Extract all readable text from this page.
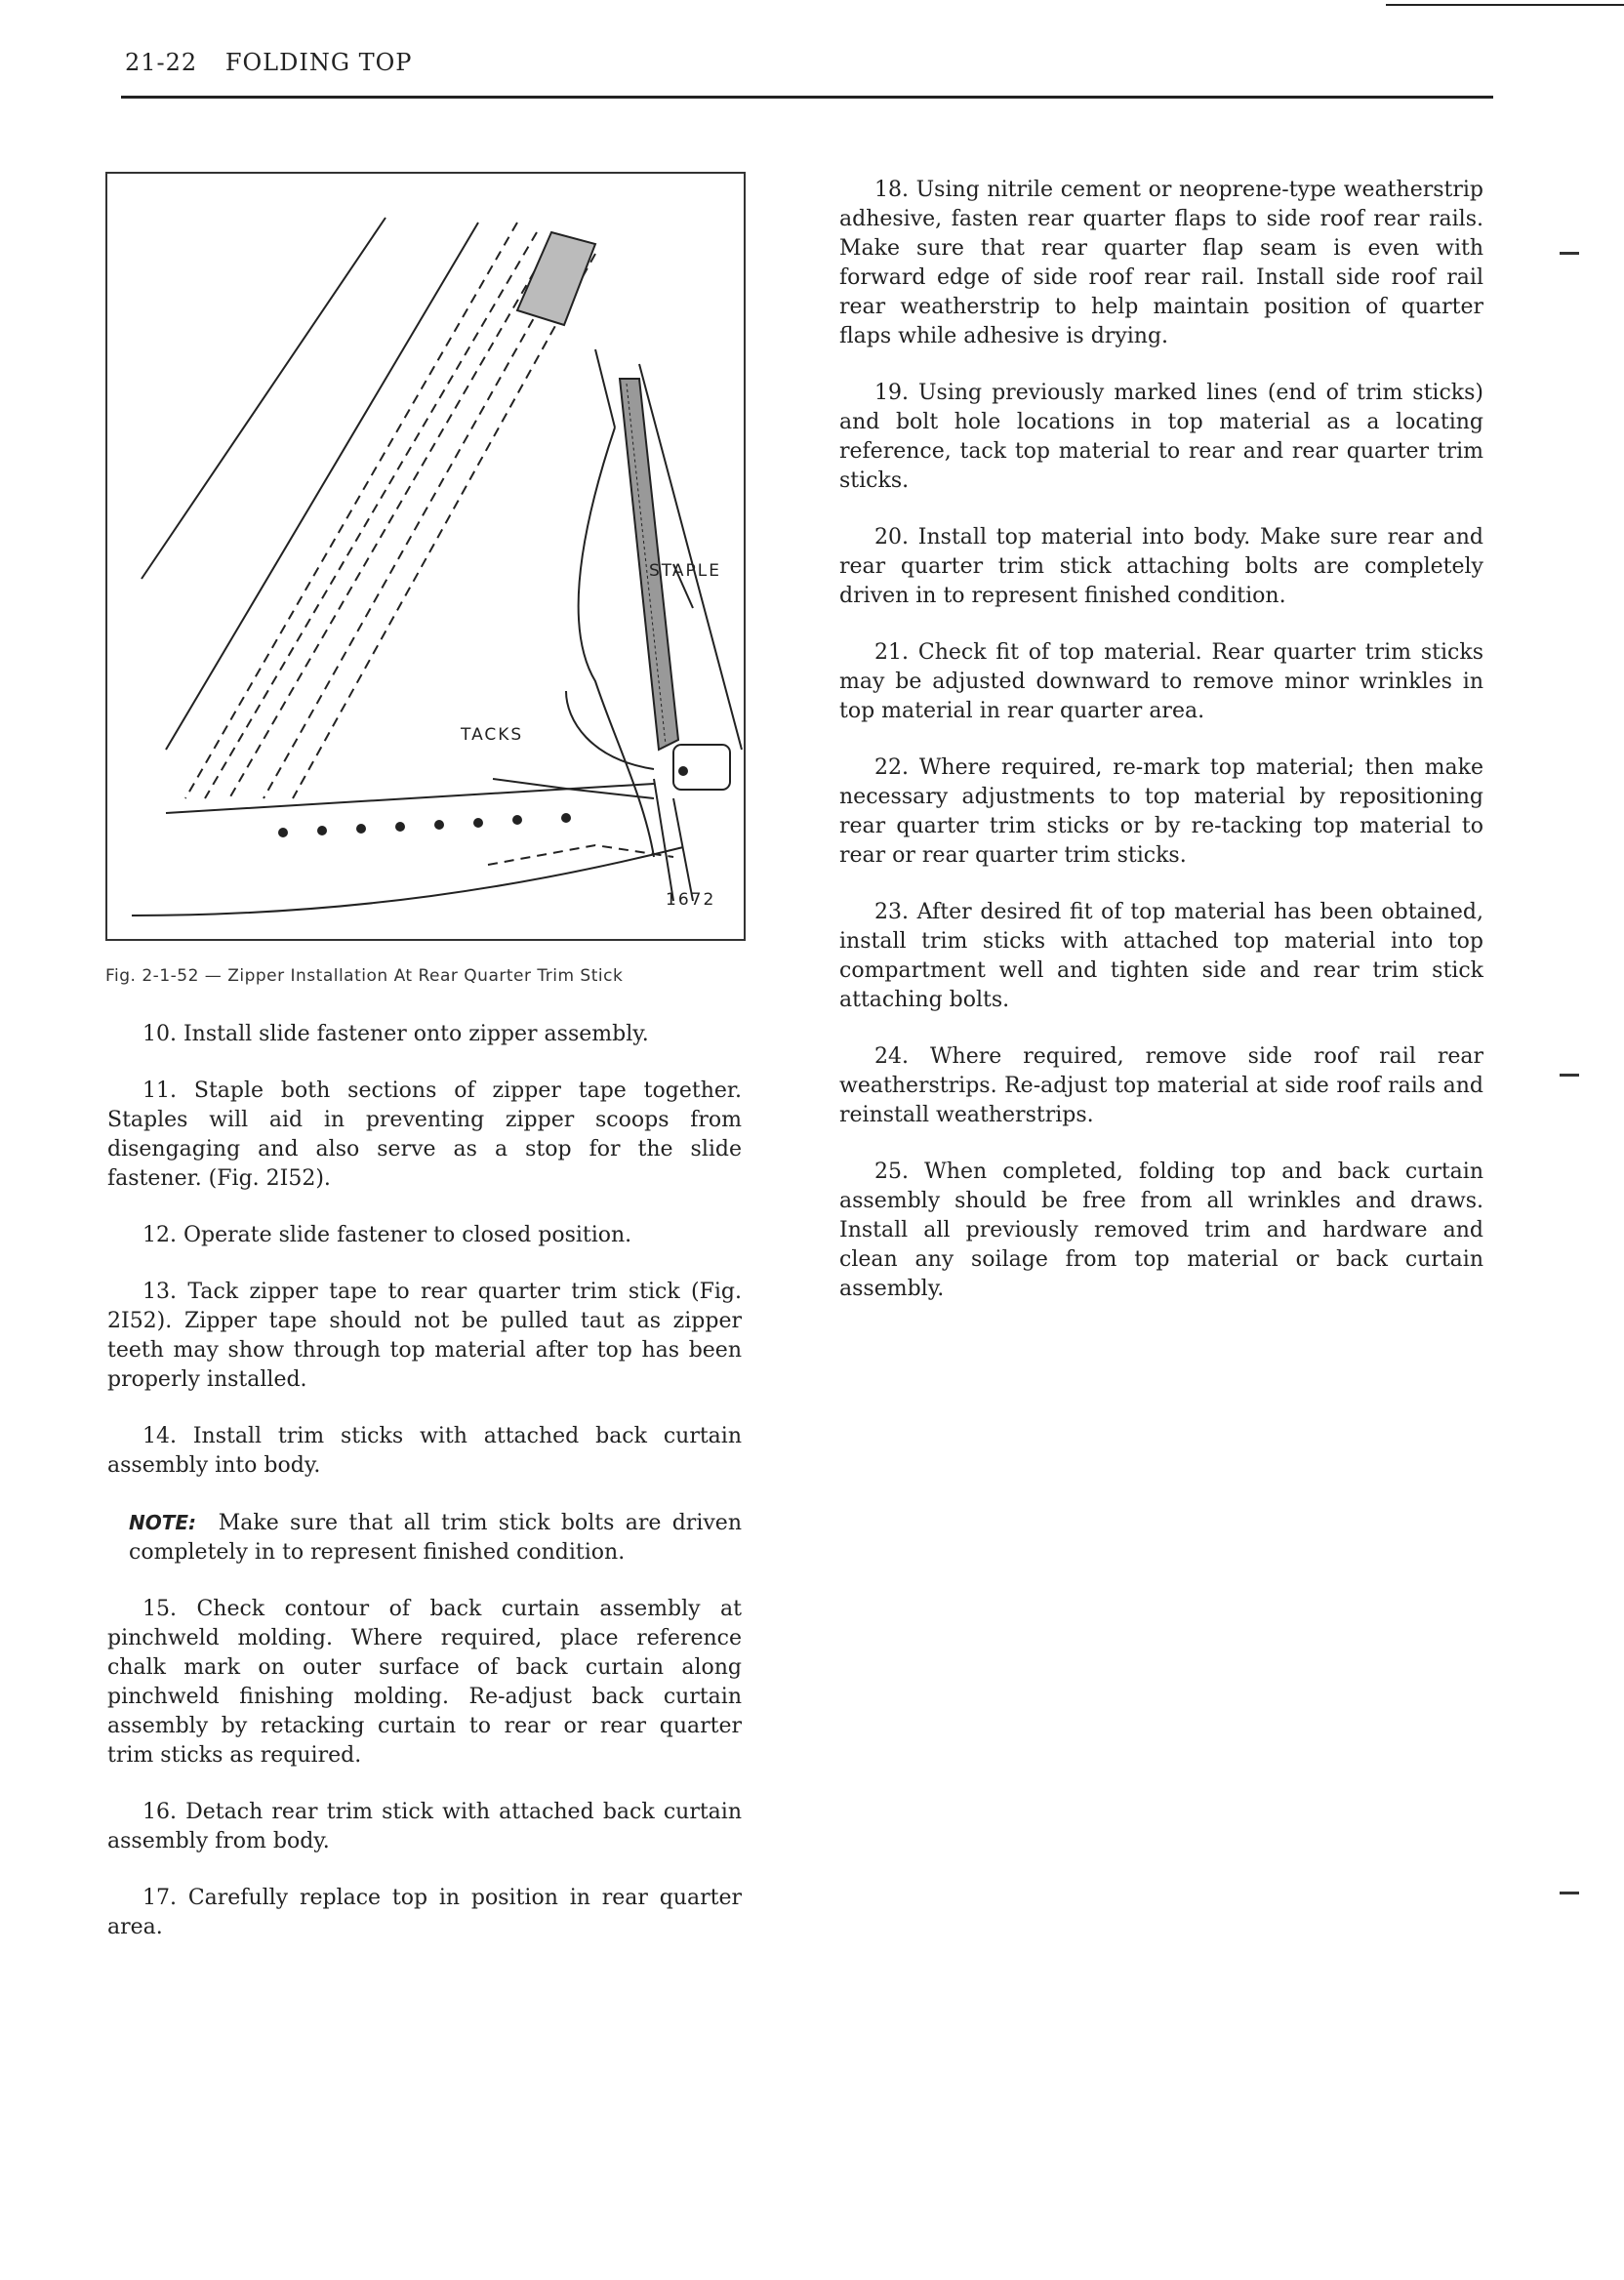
21-22 FOLDING TOP
STAPLE
TACKS
1672
Fig. 2-1-52 — Zipper Installation At Rear Quarter Trim Stick

10. Install slide fastener onto zipper assembly.

11. Staple both sections of zipper tape together. Staples will aid in preventing zipper scoops from disengaging and also serve as a stop for the slide fastener. (Fig. 2I52).

12. Operate slide fastener to closed position.

13. Tack zipper tape to rear quarter trim stick (Fig. 2I52). Zipper tape should not be pulled taut as zipper teeth may show through top material after top has been properly installed.

14. Install trim sticks with attached back curtain assembly into body.

NOTE: Make sure that all trim stick bolts are driven completely in to represent finished condition.

15. Check contour of back curtain assembly at pinchweld molding. Where required, place reference chalk mark on outer surface of back curtain along pinchweld finishing molding. Re-adjust back curtain assembly by retacking curtain to rear or rear quarter trim sticks as required.

16. Detach rear trim stick with attached back curtain assembly from body.

17. Carefully replace top in position in rear quarter area.

18. Using nitrile cement or neoprene-type weatherstrip adhesive, fasten rear quarter flaps to side roof rear rails. Make sure that rear quarter flap seam is even with forward edge of side roof rear rail. Install side roof rail rear weatherstrip to help maintain position of quarter flaps while adhesive is drying.

19. Using previously marked lines (end of trim sticks) and bolt hole locations in top material as a locating reference, tack top material to rear and rear quarter trim sticks.

20. Install top material into body. Make sure rear and rear quarter trim stick attaching bolts are completely driven in to represent finished condition.

21. Check fit of top material. Rear quarter trim sticks may be adjusted downward to remove minor wrinkles in top material in rear quarter area.

22. Where required, re-mark top material; then make necessary adjustments to top material by repositioning rear quarter trim sticks or by re-tacking top material to rear or rear quarter trim sticks.

23. After desired fit of top material has been obtained, install trim sticks with attached top material into top compartment well and tighten side and rear trim stick attaching bolts.

24. Where required, remove side roof rail rear weatherstrips. Re-adjust top material at side roof rails and reinstall weatherstrips.

25. When completed, folding top and back curtain assembly should be free from all wrinkles and draws. Install all previously removed trim and hardware and clean any soilage from top material or back curtain assembly.
